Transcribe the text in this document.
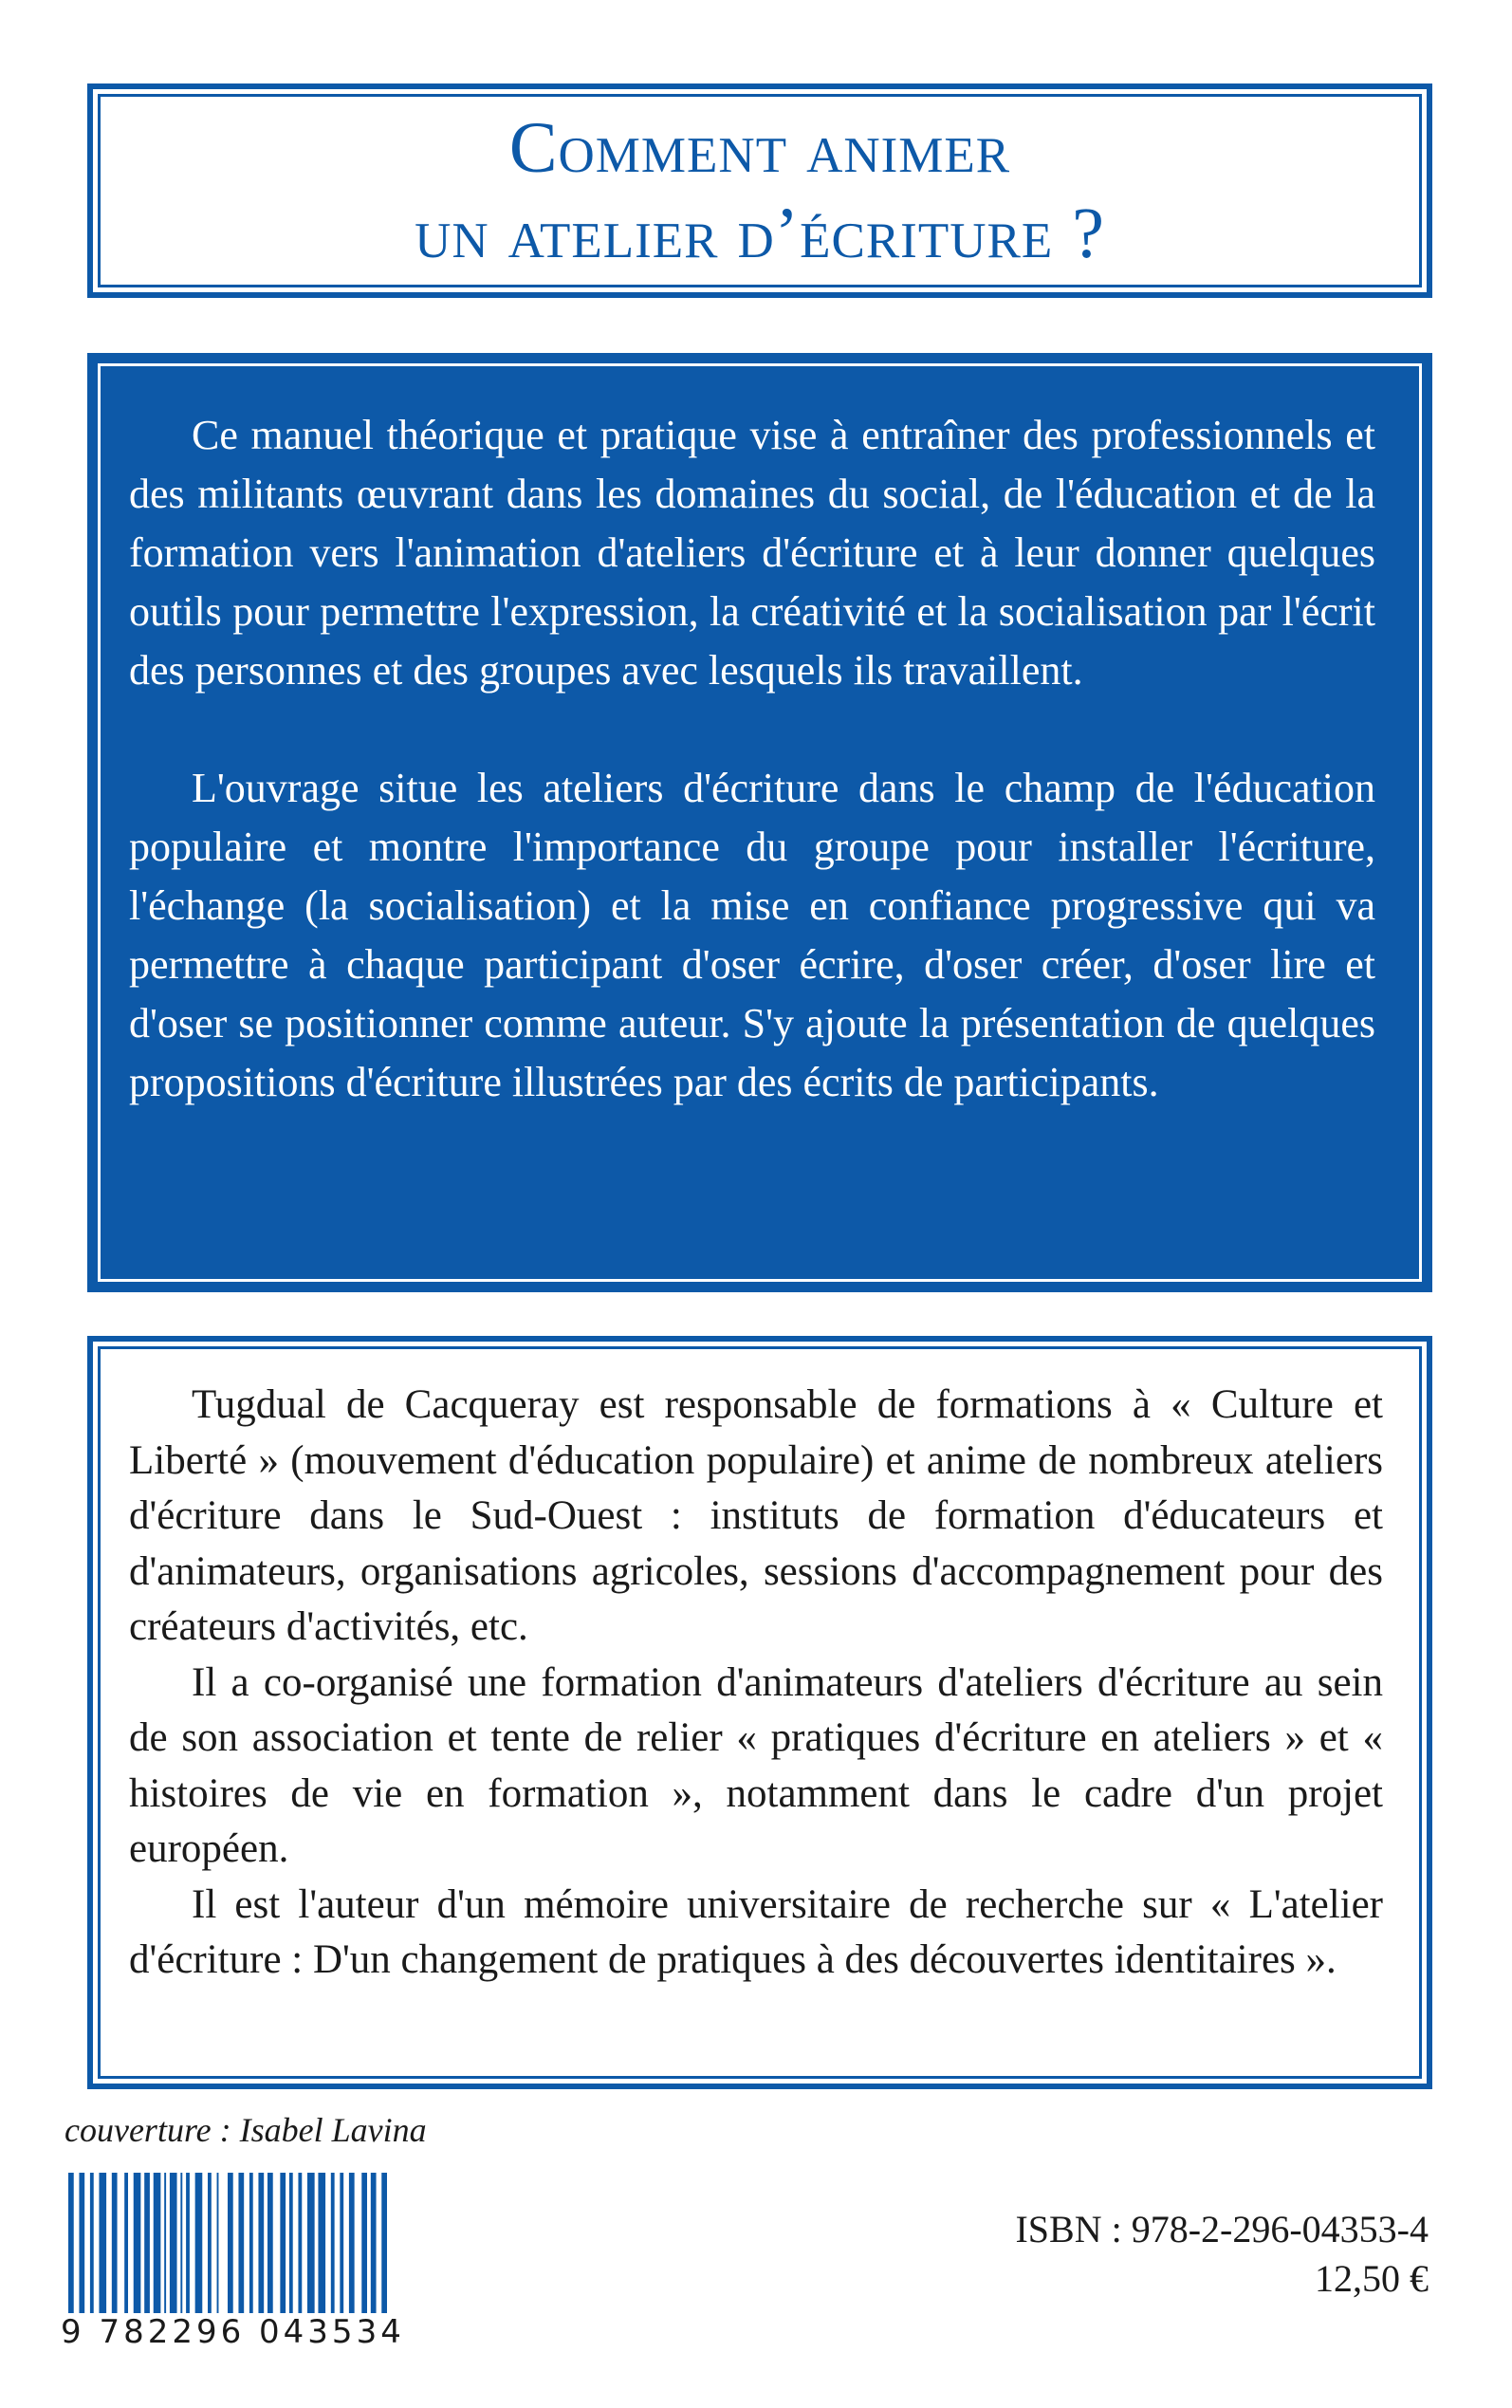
Comment animer
un atelier d’écriture ?

Ce manuel théorique et pratique vise à entraîner des professionnels et des militants œuvrant dans les domaines du social, de l'éducation et de la formation vers l'animation d'ateliers d'écriture et à leur donner quelques outils pour permettre l'expression, la créativité et la socialisation par l'écrit des personnes et des groupes avec lesquels ils travaillent.

L'ouvrage situe les ateliers d'écriture dans le champ de l'éducation populaire et montre l'importance du groupe pour installer l'écriture, l'échange (la socialisation) et la mise en confiance progressive qui va permettre à chaque participant d'oser écrire, d'oser créer, d'oser lire et d'oser se positionner comme auteur. S'y ajoute la présentation de quelques propositions d'écriture illustrées par des écrits de participants.

Tugdual de Cacqueray est responsable de formations à « Culture et Liberté » (mouvement d'éducation populaire) et anime de nombreux ateliers d'écriture dans le Sud-Ouest : instituts de formation d'éducateurs et d'animateurs, organisations agricoles, sessions d'accompagnement pour des créateurs d'activités, etc.

Il a co-organisé une formation d'animateurs d'ateliers d'écriture au sein de son association et tente de relier « pratiques d'écriture en ateliers » et « histoires de vie en formation », notamment dans le cadre d'un projet européen.

Il est l'auteur d'un mémoire universitaire de recherche sur « L'atelier d'écriture : D'un changement de pratiques à des découvertes identitaires ».

couverture : Isabel Lavina
9 782296 043534
ISBN : 978-2-296-04353-4
12,50 €
